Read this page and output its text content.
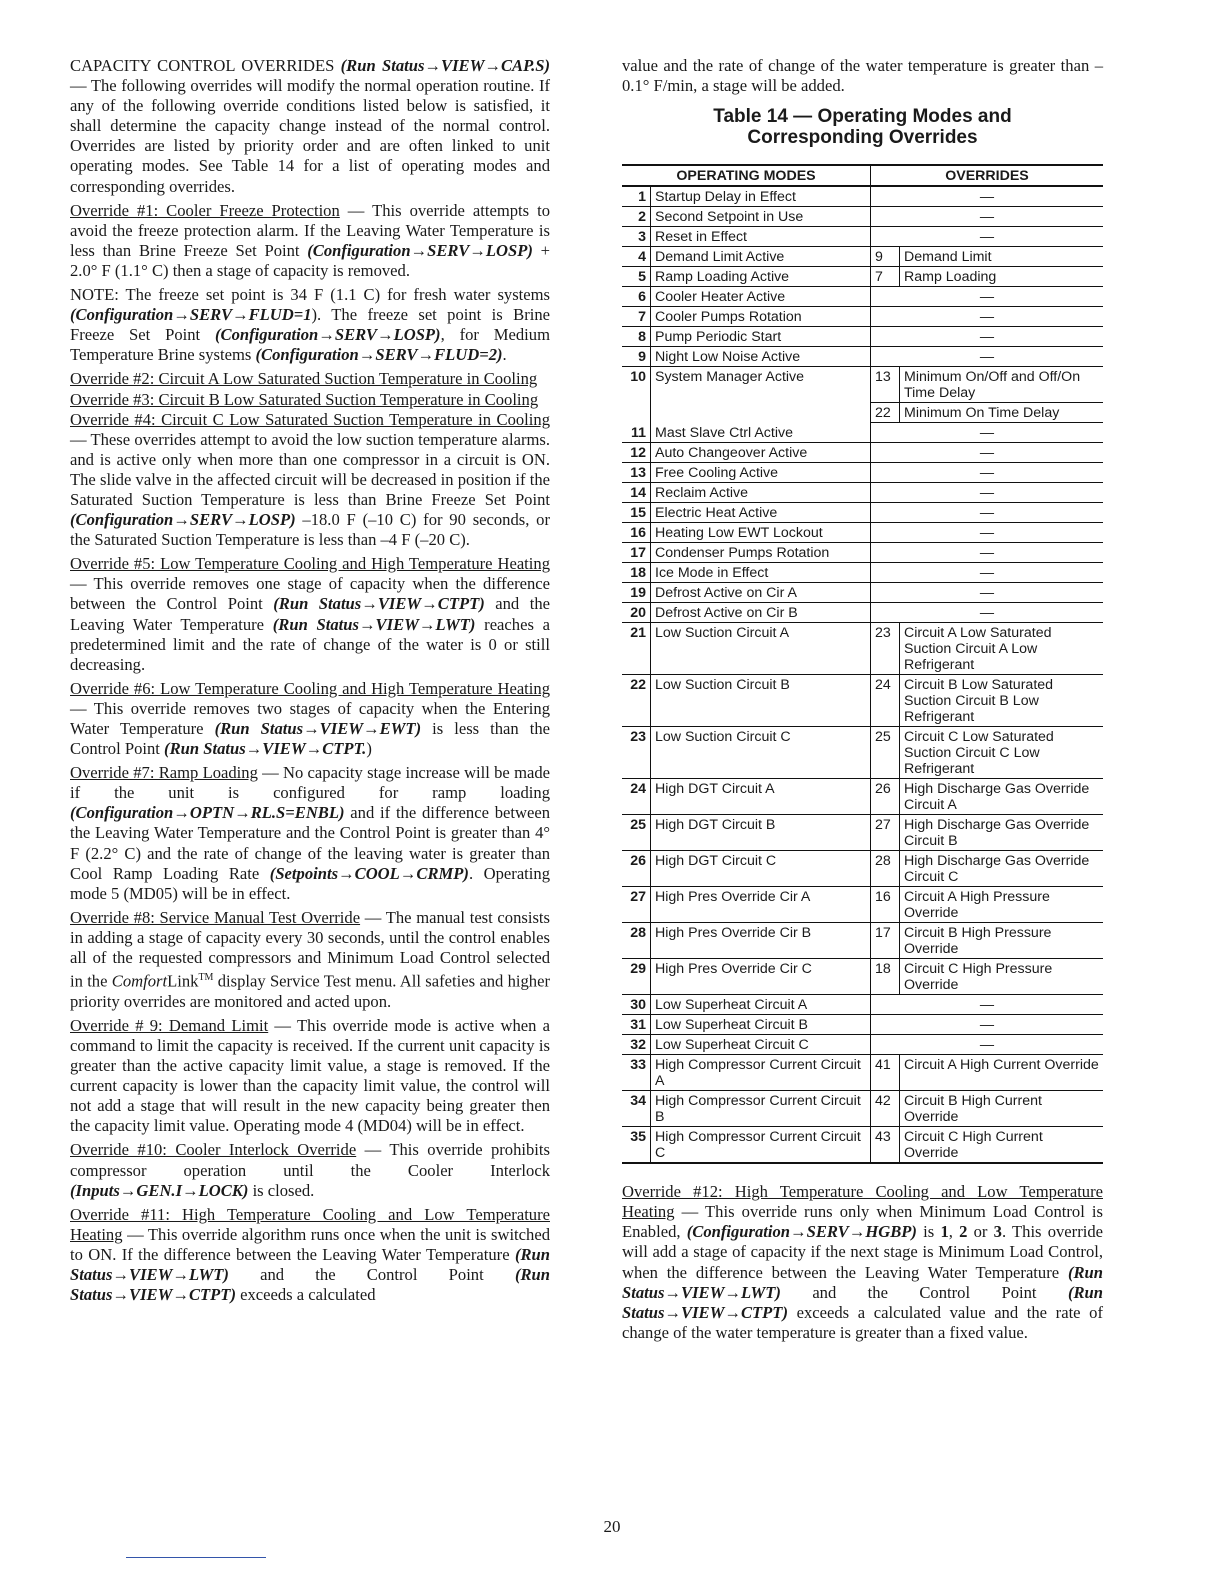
CAPACITY CONTROL OVERRIDES (Run Status→VIEW→CAP.S) — The following overrides will modify the normal operation routine. If any of the following override conditions listed below is satisfied, it shall determine the capacity change instead of the normal control. Overrides are listed by priority order and are often linked to unit operating modes. See Table 14 for a list of operating modes and corresponding overrides.

Override #1: Cooler Freeze Protection — This override attempts to avoid the freeze protection alarm. If the Leaving Water Temperature is less than Brine Freeze Set Point (Configuration→SERV→LOSP) + 2.0° F (1.1° C) then a stage of capacity is removed.

NOTE: The freeze set point is 34 F (1.1 C) for fresh water systems (Configuration→SERV→FLUD=1). The freeze set point is Brine Freeze Set Point (Configuration→SERV→LOSP), for Medium Temperature Brine systems (Configuration→SERV→FLUD=2).

Override #2: Circuit A Low Saturated Suction Temperature in Cooling

Override #3: Circuit B Low Saturated Suction Temperature in Cooling

Override #4: Circuit C Low Saturated Suction Temperature in Cooling — These overrides attempt to avoid the low suction temperature alarms. and is active only when more than one compressor in a circuit is ON. The slide valve in the affected circuit will be decreased in position if the Saturated Suction Temperature is less than Brine Freeze Set Point (Configuration→SERV→LOSP) –18.0 F (–10 C) for 90 seconds, or the Saturated Suction Temperature is less than –4 F (–20 C).

Override #5: Low Temperature Cooling and High Temperature Heating — This override removes one stage of capacity when the difference between the Control Point (Run Status→VIEW→CTPT) and the Leaving Water Temperature (Run Status→VIEW→LWT) reaches a predetermined limit and the rate of change of the water is 0 or still decreasing.

Override #6: Low Temperature Cooling and High Temperature Heating — This override removes two stages of capacity when the Entering Water Temperature (Run Status→VIEW→EWT) is less than the Control Point (Run Status→VIEW→CTPT.)

Override #7: Ramp Loading — No capacity stage increase will be made if the unit is configured for ramp loading (Configuration→OPTN→RL.S=ENBL) and if the difference between the Leaving Water Temperature and the Control Point is greater than 4° F (2.2° C) and the rate of change of the leaving water is greater than Cool Ramp Loading Rate (Setpoints→COOL→CRMP). Operating mode 5 (MD05) will be in effect.

Override #8: Service Manual Test Override — The manual test consists in adding a stage of capacity every 30 seconds, until the control enables all of the requested compressors and Minimum Load Control selected in the ComfortLink™ display Service Test menu. All safeties and higher priority overrides are monitored and acted upon.

Override # 9: Demand Limit — This override mode is active when a command to limit the capacity is received. If the current unit capacity is greater than the active capacity limit value, a stage is removed. If the current capacity is lower than the capacity limit value, the control will not add a stage that will result in the new capacity being greater then the capacity limit value. Operating mode 4 (MD04) will be in effect.

Override #10: Cooler Interlock Override — This override prohibits compressor operation until the Cooler Interlock (Inputs→GEN.I→LOCK) is closed.

Override #11: High Temperature Cooling and Low Temperature Heating — This override algorithm runs once when the unit is switched to ON. If the difference between the Leaving Water Temperature (Run Status→VIEW→LWT) and the Control Point (Run Status→VIEW→CTPT) exceeds a calculated

value and the rate of change of the water temperature is greater than –0.1° F/min, a stage will be added.

Table 14 — Operating Modes and
Corresponding Overrides
OPERATING MODES		OVERRIDES	
1	Startup Delay in Effect	—	
2	Second Setpoint in Use	—	
3	Reset in Effect	—	
4	Demand Limit Active	9	Demand Limit
5	Ramp Loading Active	7	Ramp Loading
6	Cooler Heater Active	—	
7	Cooler Pumps Rotation	—	
8	Pump Periodic Start	—	
9	Night Low Noise Active	—	
10	System Manager Active	13	Minimum On/Off and Off/On Time Delay
		22	Minimum On Time Delay
11	Mast Slave Ctrl Active	—	
12	Auto Changeover Active	—	
13	Free Cooling Active	—	
14	Reclaim Active	—	
15	Electric Heat Active	—	
16	Heating Low EWT Lockout	—	
17	Condenser Pumps Rotation	—	
18	Ice Mode in Effect	—	
19	Defrost Active on Cir A	—	
20	Defrost Active on Cir B	—	
21	Low Suction Circuit A	23	Circuit A Low Saturated Suction Circuit A Low Refrigerant
22	Low Suction Circuit B	24	Circuit B Low Saturated Suction Circuit B Low Refrigerant
23	Low Suction Circuit C	25	Circuit C Low Saturated Suction Circuit C Low Refrigerant
24	High DGT Circuit A	26	High Discharge Gas Override Circuit A
25	High DGT Circuit B	27	High Discharge Gas Override Circuit B
26	High DGT Circuit C	28	High Discharge Gas Override Circuit C
27	High Pres Override Cir A	16	Circuit A High Pressure Override
28	High Pres Override Cir B	17	Circuit B High Pressure Override
29	High Pres Override Cir C	18	Circuit C High Pressure Override
30	Low Superheat Circuit A	—	
31	Low Superheat Circuit B	—	
32	Low Superheat Circuit C	—	
33	High Compressor Current Circuit A	41	Circuit A High Current Override
34	High Compressor Current Circuit B	42	Circuit B High Current Override
35	High Compressor Current Circuit C	43	Circuit C High Current Override
Override #12: High Temperature Cooling and Low Temperature Heating — This override runs only when Minimum Load Control is Enabled, (Configuration→SERV→HGBP) is 1, 2 or 3. This override will add a stage of capacity if the next stage is Minimum Load Control, when the difference between the Leaving Water Temperature (Run Status→VIEW→LWT) and the Control Point (Run Status→VIEW→CTPT) exceeds a calculated value and the rate of change of the water temperature is greater than a fixed value.
20
